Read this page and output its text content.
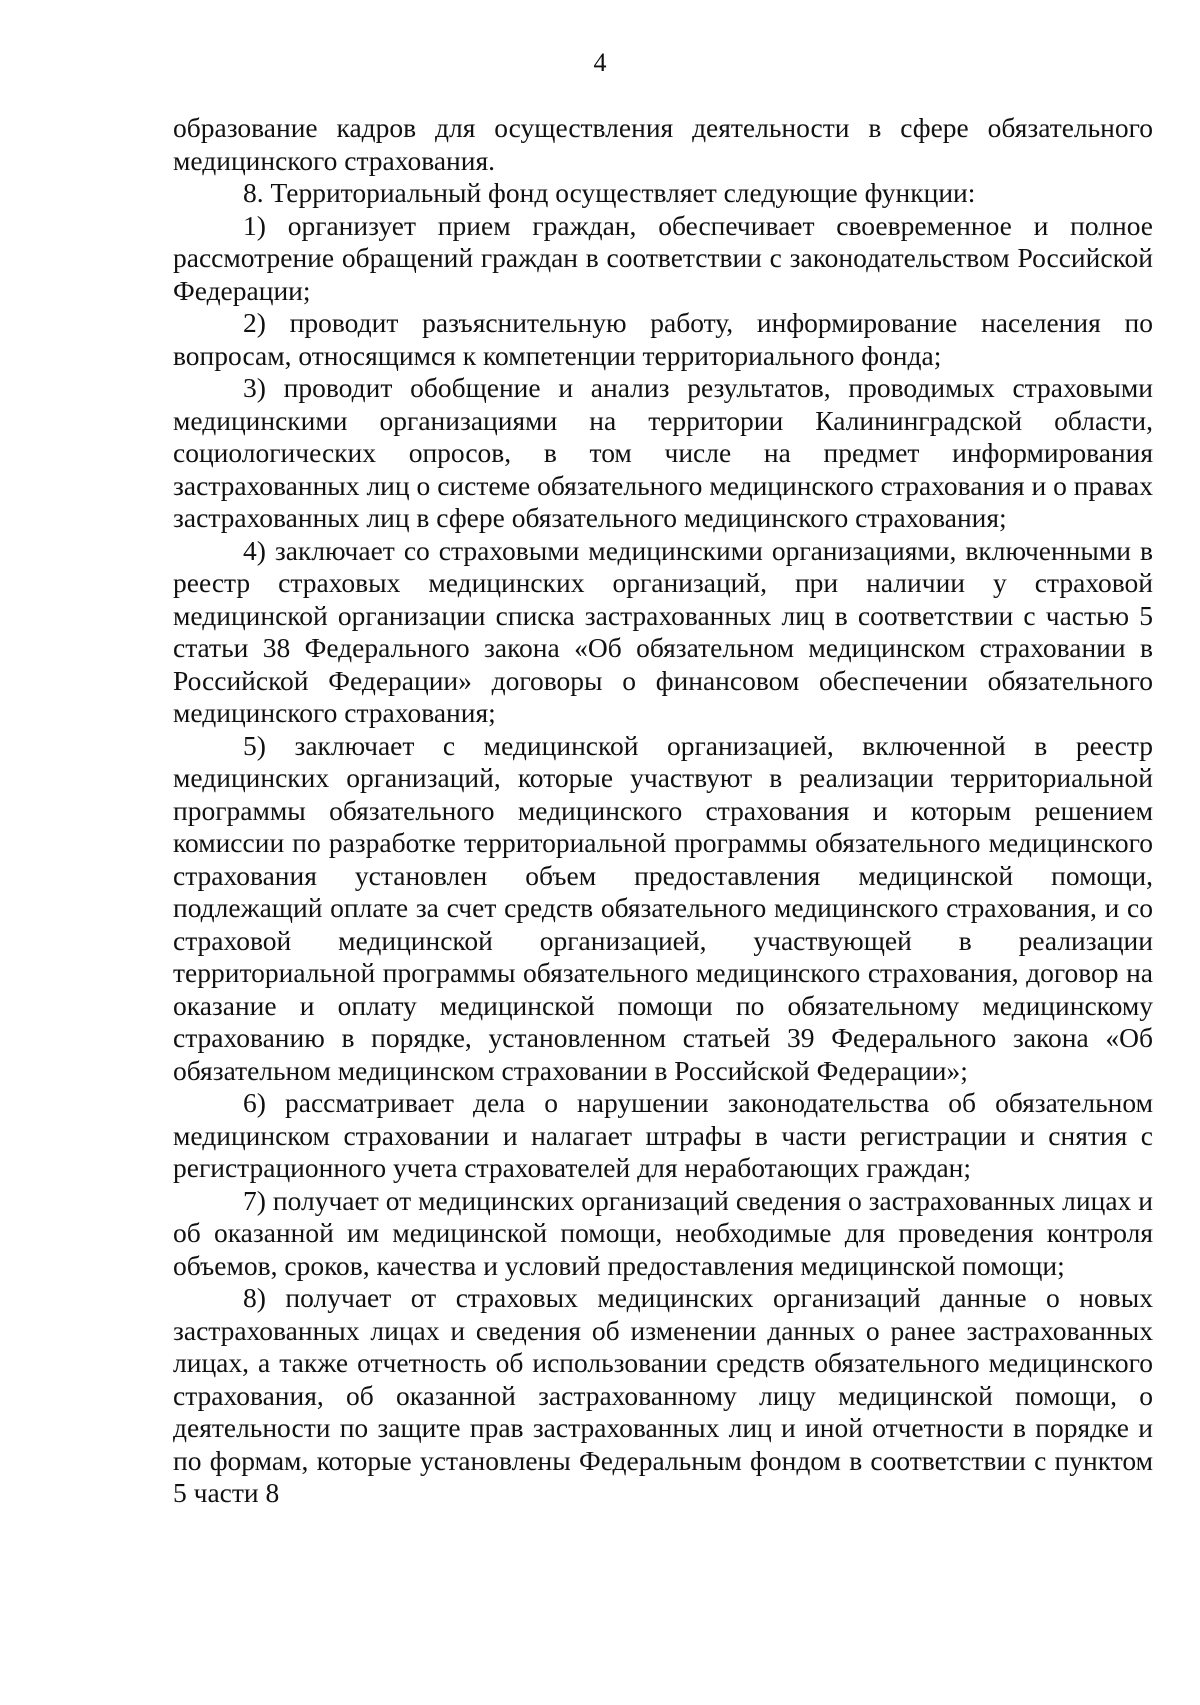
4

образование кадров для осуществления деятельности в сфере обязательного медицинского страхования.

8. Территориальный фонд осуществляет следующие функции:

1) организует прием граждан, обеспечивает своевременное и полное рассмотрение обращений граждан в соответствии с законодательством Российской Федерации;

2) проводит разъяснительную работу, информирование населения по вопросам, относящимся к компетенции территориального фонда;

3) проводит обобщение и анализ результатов, проводимых страховыми медицинскими организациями на территории Калининградской области, социологических опросов, в том числе на предмет информирования застрахованных лиц о системе обязательного медицинского страхования и о правах застрахованных лиц в сфере обязательного медицинского страхования;

4) заключает со страховыми медицинскими организациями, включенными в реестр страховых медицинских организаций, при наличии у страховой медицинской организации списка застрахованных лиц в соответствии с частью 5 статьи 38 Федерального закона «Об обязательном медицинском страховании в Российской Федерации» договоры о финансовом обеспечении обязательного медицинского страхования;

5) заключает с медицинской организацией, включенной в реестр медицинских организаций, которые участвуют в реализации территориальной программы обязательного медицинского страхования и которым решением комиссии по разработке территориальной программы обязательного медицинского страхования установлен объем предоставления медицинской помощи, подлежащий оплате за счет средств обязательного медицинского страхования, и со страховой медицинской организацией, участвующей в реализации территориальной программы обязательного медицинского страхования, договор на оказание и оплату медицинской помощи по обязательному медицинскому страхованию в порядке, установленном статьей 39 Федерального закона «Об обязательном медицинском страховании в Российской Федерации»;

6) рассматривает дела о нарушении законодательства об обязательном медицинском страховании и налагает штрафы в части регистрации и снятия с регистрационного учета страхователей для неработающих граждан;

7) получает от медицинских организаций сведения о застрахованных лицах и об оказанной им медицинской помощи, необходимые для проведения контроля объемов, сроков, качества и условий предоставления медицинской помощи;

8) получает от страховых медицинских организаций данные о новых застрахованных лицах и сведения об изменении данных о ранее застрахованных лицах, а также отчетность об использовании средств обязательного медицинского страхования, об оказанной застрахованному лицу медицинской помощи, о деятельности по защите прав застрахованных лиц и иной отчетности в порядке и по формам, которые установлены Федеральным фондом в соответствии с пунктом 5 части 8
